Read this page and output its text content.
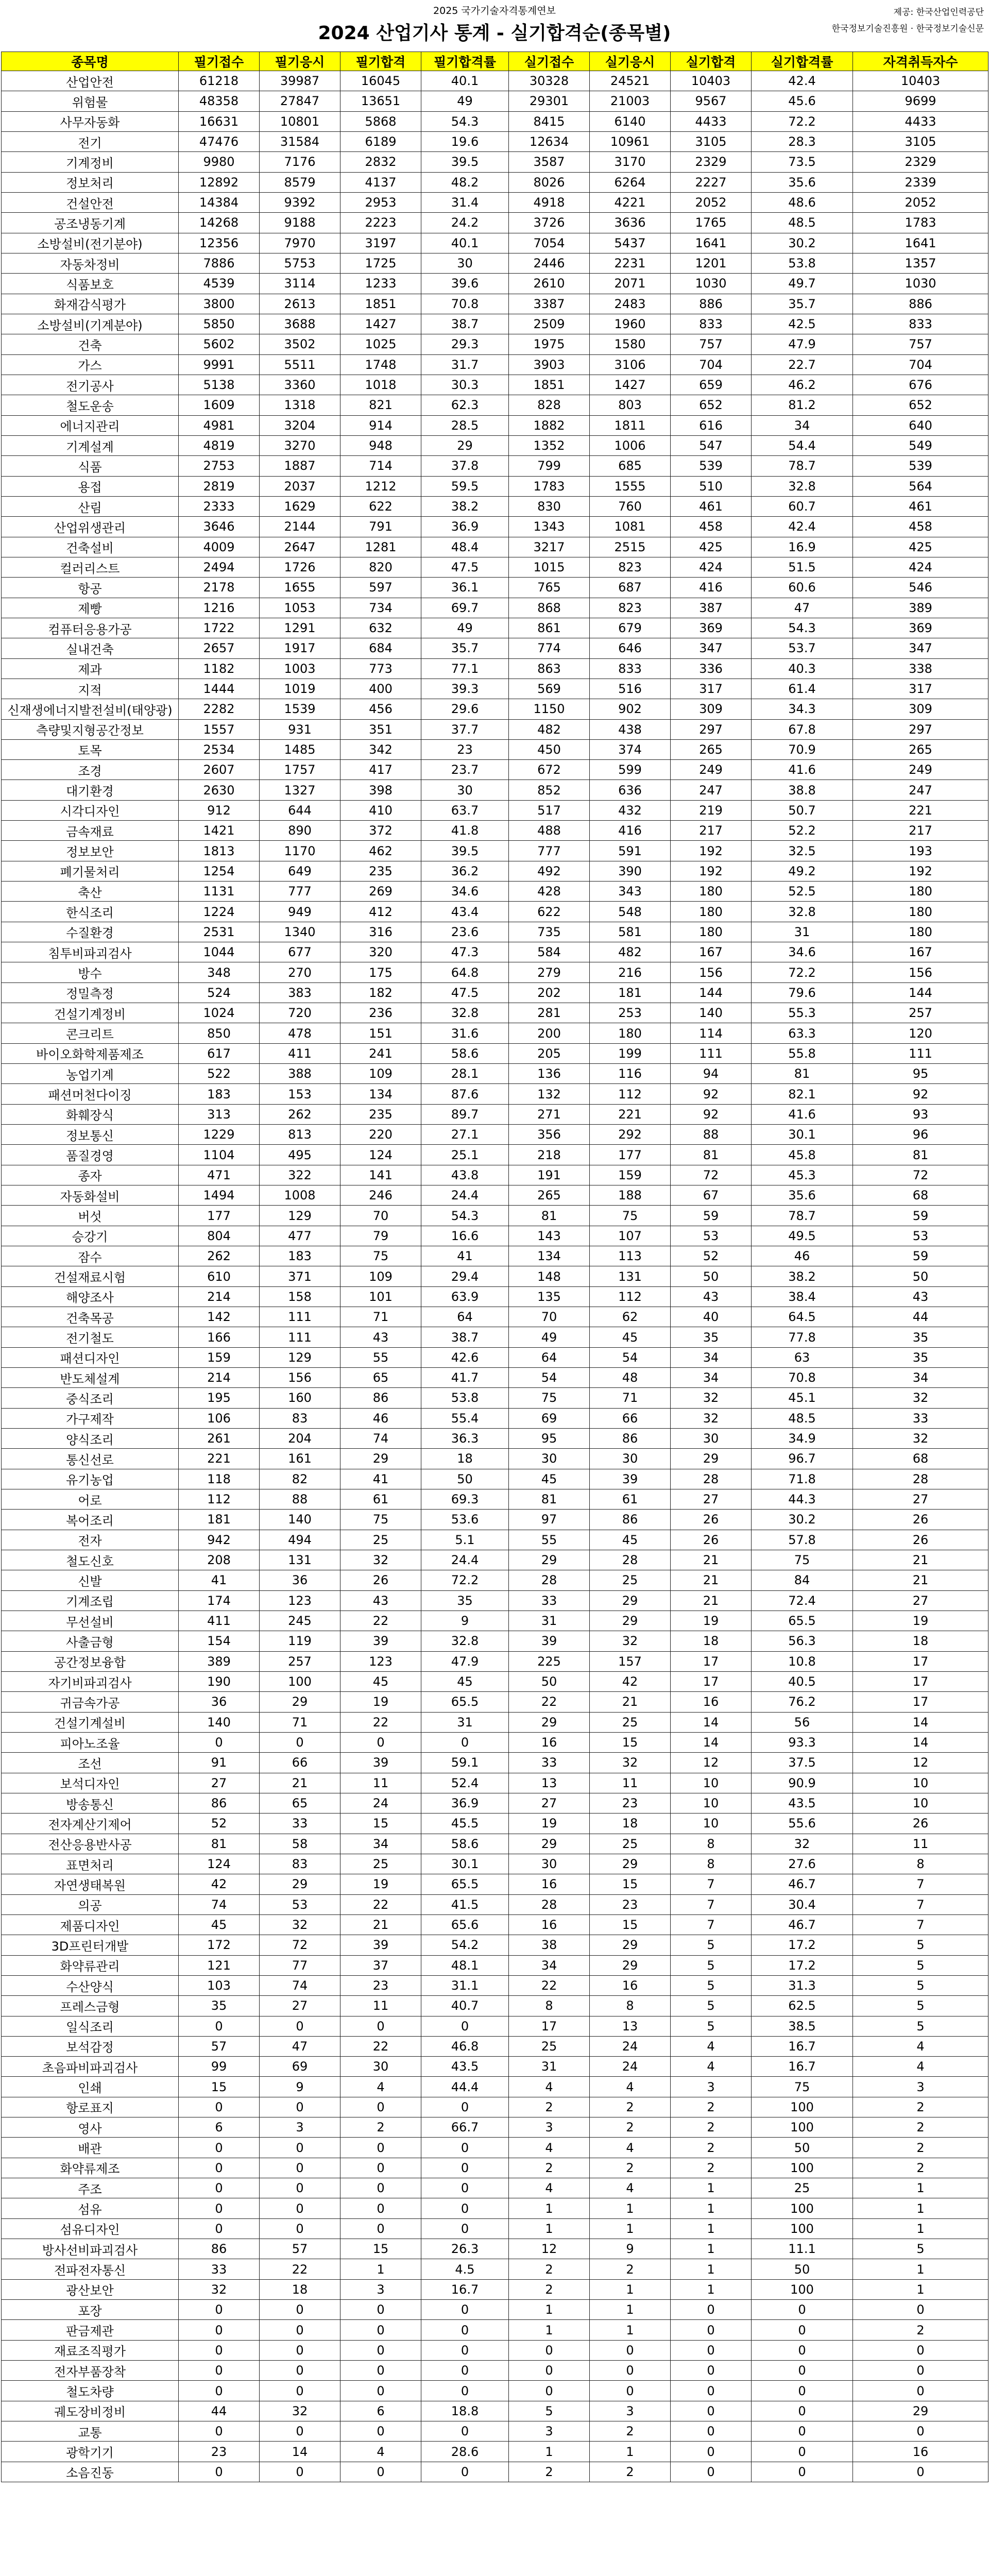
2025 국가기술자격통계연보
2024 산업기사 통계 - 실기합격순(종목별)
제공: 한국산업인력공단
한국정보기술진흥원 · 한국정보기술신문
종목명	필기접수	필기응시	필기합격	필기합격률	실기접수	실기응시	실기합격	실기합격률	자격취득자수
산업안전	61218	39987	16045	40.1	30328	24521	10403	42.4	10403
위험물	48358	27847	13651	49	29301	21003	9567	45.6	9699
사무자동화	16631	10801	5868	54.3	8415	6140	4433	72.2	4433
전기	47476	31584	6189	19.6	12634	10961	3105	28.3	3105
기계정비	9980	7176	2832	39.5	3587	3170	2329	73.5	2329
정보처리	12892	8579	4137	48.2	8026	6264	2227	35.6	2339
건설안전	14384	9392	2953	31.4	4918	4221	2052	48.6	2052
공조냉동기계	14268	9188	2223	24.2	3726	3636	1765	48.5	1783
소방설비(전기분야)	12356	7970	3197	40.1	7054	5437	1641	30.2	1641
자동차정비	7886	5753	1725	30	2446	2231	1201	53.8	1357
식품보호	4539	3114	1233	39.6	2610	2071	1030	49.7	1030
화재감식평가	3800	2613	1851	70.8	3387	2483	886	35.7	886
소방설비(기계분야)	5850	3688	1427	38.7	2509	1960	833	42.5	833
건축	5602	3502	1025	29.3	1975	1580	757	47.9	757
가스	9991	5511	1748	31.7	3903	3106	704	22.7	704
전기공사	5138	3360	1018	30.3	1851	1427	659	46.2	676
철도운송	1609	1318	821	62.3	828	803	652	81.2	652
에너지관리	4981	3204	914	28.5	1882	1811	616	34	640
기계설계	4819	3270	948	29	1352	1006	547	54.4	549
식품	2753	1887	714	37.8	799	685	539	78.7	539
용접	2819	2037	1212	59.5	1783	1555	510	32.8	564
산림	2333	1629	622	38.2	830	760	461	60.7	461
산업위생관리	3646	2144	791	36.9	1343	1081	458	42.4	458
건축설비	4009	2647	1281	48.4	3217	2515	425	16.9	425
컬러리스트	2494	1726	820	47.5	1015	823	424	51.5	424
항공	2178	1655	597	36.1	765	687	416	60.6	546
제빵	1216	1053	734	69.7	868	823	387	47	389
컴퓨터응용가공	1722	1291	632	49	861	679	369	54.3	369
실내건축	2657	1917	684	35.7	774	646	347	53.7	347
제과	1182	1003	773	77.1	863	833	336	40.3	338
지적	1444	1019	400	39.3	569	516	317	61.4	317
신재생에너지발전설비(태양광)	2282	1539	456	29.6	1150	902	309	34.3	309
측량및지형공간정보	1557	931	351	37.7	482	438	297	67.8	297
토목	2534	1485	342	23	450	374	265	70.9	265
조경	2607	1757	417	23.7	672	599	249	41.6	249
대기환경	2630	1327	398	30	852	636	247	38.8	247
시각디자인	912	644	410	63.7	517	432	219	50.7	221
금속재료	1421	890	372	41.8	488	416	217	52.2	217
정보보안	1813	1170	462	39.5	777	591	192	32.5	193
폐기물처리	1254	649	235	36.2	492	390	192	49.2	192
축산	1131	777	269	34.6	428	343	180	52.5	180
한식조리	1224	949	412	43.4	622	548	180	32.8	180
수질환경	2531	1340	316	23.6	735	581	180	31	180
침투비파괴검사	1044	677	320	47.3	584	482	167	34.6	167
방수	348	270	175	64.8	279	216	156	72.2	156
정밀측정	524	383	182	47.5	202	181	144	79.6	144
건설기계정비	1024	720	236	32.8	281	253	140	55.3	257
콘크리트	850	478	151	31.6	200	180	114	63.3	120
바이오화학제품제조	617	411	241	58.6	205	199	111	55.8	111
농업기계	522	388	109	28.1	136	116	94	81	95
패션머천다이징	183	153	134	87.6	132	112	92	82.1	92
화훼장식	313	262	235	89.7	271	221	92	41.6	93
정보통신	1229	813	220	27.1	356	292	88	30.1	96
품질경영	1104	495	124	25.1	218	177	81	45.8	81
종자	471	322	141	43.8	191	159	72	45.3	72
자동화설비	1494	1008	246	24.4	265	188	67	35.6	68
버섯	177	129	70	54.3	81	75	59	78.7	59
승강기	804	477	79	16.6	143	107	53	49.5	53
잠수	262	183	75	41	134	113	52	46	59
건설재료시험	610	371	109	29.4	148	131	50	38.2	50
해양조사	214	158	101	63.9	135	112	43	38.4	43
건축목공	142	111	71	64	70	62	40	64.5	44
전기철도	166	111	43	38.7	49	45	35	77.8	35
패션디자인	159	129	55	42.6	64	54	34	63	35
반도체설계	214	156	65	41.7	54	48	34	70.8	34
중식조리	195	160	86	53.8	75	71	32	45.1	32
가구제작	106	83	46	55.4	69	66	32	48.5	33
양식조리	261	204	74	36.3	95	86	30	34.9	32
통신선로	221	161	29	18	30	30	29	96.7	68
유기농업	118	82	41	50	45	39	28	71.8	28
어로	112	88	61	69.3	81	61	27	44.3	27
복어조리	181	140	75	53.6	97	86	26	30.2	26
전자	942	494	25	5.1	55	45	26	57.8	26
철도신호	208	131	32	24.4	29	28	21	75	21
신발	41	36	26	72.2	28	25	21	84	21
기계조립	174	123	43	35	33	29	21	72.4	27
무선설비	411	245	22	9	31	29	19	65.5	19
사출금형	154	119	39	32.8	39	32	18	56.3	18
공간정보융합	389	257	123	47.9	225	157	17	10.8	17
자기비파괴검사	190	100	45	45	50	42	17	40.5	17
귀금속가공	36	29	19	65.5	22	21	16	76.2	17
건설기계설비	140	71	22	31	29	25	14	56	14
피아노조율	0	0	0	0	16	15	14	93.3	14
조선	91	66	39	59.1	33	32	12	37.5	12
보석디자인	27	21	11	52.4	13	11	10	90.9	10
방송통신	86	65	24	36.9	27	23	10	43.5	10
전자계산기제어	52	33	15	45.5	19	18	10	55.6	26
전산응용반사공	81	58	34	58.6	29	25	8	32	11
표면처리	124	83	25	30.1	30	29	8	27.6	8
자연생태복원	42	29	19	65.5	16	15	7	46.7	7
의공	74	53	22	41.5	28	23	7	30.4	7
제품디자인	45	32	21	65.6	16	15	7	46.7	7
3D프린터개발	172	72	39	54.2	38	29	5	17.2	5
화약류관리	121	77	37	48.1	34	29	5	17.2	5
수산양식	103	74	23	31.1	22	16	5	31.3	5
프레스금형	35	27	11	40.7	8	8	5	62.5	5
일식조리	0	0	0	0	17	13	5	38.5	5
보석감정	57	47	22	46.8	25	24	4	16.7	4
초음파비파괴검사	99	69	30	43.5	31	24	4	16.7	4
인쇄	15	9	4	44.4	4	4	3	75	3
항로표지	0	0	0	0	2	2	2	100	2
영사	6	3	2	66.7	3	2	2	100	2
배관	0	0	0	0	4	4	2	50	2
화약류제조	0	0	0	0	2	2	2	100	2
주조	0	0	0	0	4	4	1	25	1
섬유	0	0	0	0	1	1	1	100	1
섬유디자인	0	0	0	0	1	1	1	100	1
방사선비파괴검사	86	57	15	26.3	12	9	1	11.1	5
전파전자통신	33	22	1	4.5	2	2	1	50	1
광산보안	32	18	3	16.7	2	1	1	100	1
포장	0	0	0	0	1	1	0	0	0
판금제관	0	0	0	0	1	1	0	0	2
재료조직평가	0	0	0	0	0	0	0	0	0
전자부품장착	0	0	0	0	0	0	0	0	0
철도차량	0	0	0	0	0	0	0	0	0
궤도장비정비	44	32	6	18.8	5	3	0	0	29
교통	0	0	0	0	3	2	0	0	0
광학기기	23	14	4	28.6	1	1	0	0	16
소음진동	0	0	0	0	2	2	0	0	0
